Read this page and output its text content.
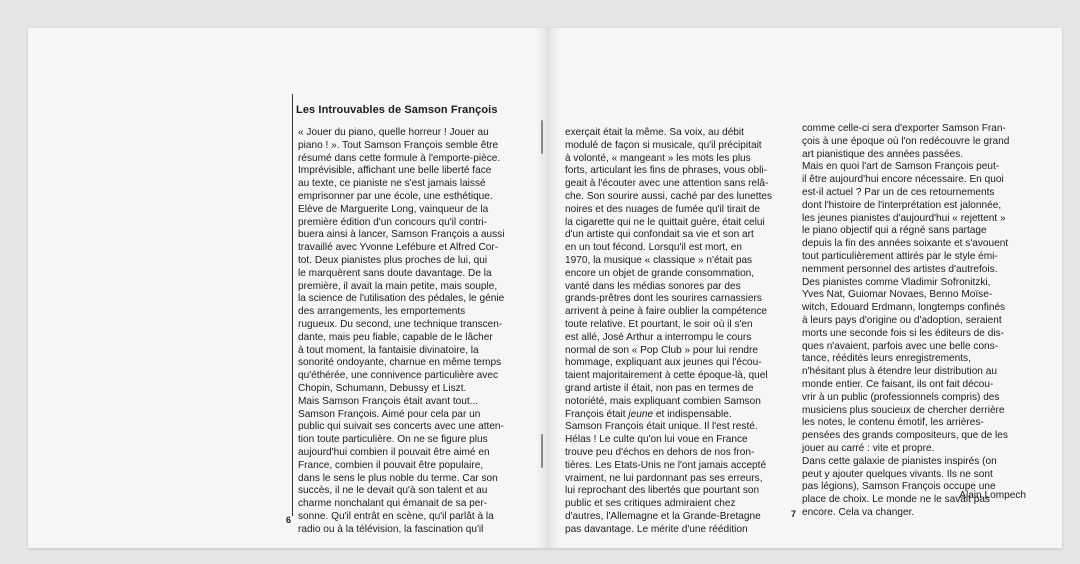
Les Introuvables de Samson François
« Jouer du piano, quelle horreur ! Jouer au
piano ! ». Tout Samson François semble être
résumé dans cette formule à l'emporte-pièce.
Imprévisible, affichant une belle liberté face
au texte, ce pianiste ne s'est jamais laissé
emprisonner par une école, une esthétique.
Elève de Marguerite Long, vainqueur de la
première édition d'un concours qu'il contri-
buera ainsi à lancer, Samson François a aussi
travaillé avec Yvonne Lefébure et Alfred Cor-
tot. Deux pianistes plus proches de lui, qui
le marquèrent sans doute davantage. De la
première, il avait la main petite, mais souple,
la science de l'utilisation des pédales, le génie
des arrangements, les emportements
rugueux. Du second, une technique transcen-
dante, mais peu fiable, capable de le lâcher
à tout moment, la fantaisie divinatoire, la
sonorité ondoyante, charnue en même temps
qu'éthérée, une connivence particulière avec
Chopin, Schumann, Debussy et Liszt.
Mais Samson François était avant tout...
Samson François. Aimé pour cela par un
public qui suivait ses concerts avec une atten-
tion toute particulière. On ne se figure plus
aujourd'hui combien il pouvait être aimé en
France, combien il pouvait être populaire,
dans le sens le plus noble du terme. Car son
succès, il ne le devait qu'à son talent et au
charme nonchalant qui émanait de sa per-
sonne. Qu'il entrât en scène, qu'il parlât à la
radio ou à la télévision, la fascination qu'il
exerçait était la même. Sa voix, au débit
modulé de façon si musicale, qu'il précipitait
à volonté, « mangeant » les mots les plus
forts, articulant les fins de phrases, vous obli-
geait à l'écouter avec une attention sans relâ-
che. Son sourire aussi, caché par des lunettes
noires et des nuages de fumée qu'il tirait de
la cigarette qui ne le quittait guère, était celui
d'un artiste qui confondait sa vie et son art
en un tout fécond. Lorsqu'il est mort, en
1970, la musique « classique » n'était pas
encore un objet de grande consommation,
vanté dans les médias sonores par des
grands-prêtres dont les sourires carnassiers
arrivent à peine à faire oublier la compétence
toute relative. Et pourtant, le soir où il s'en
est allé, José Arthur a interrompu le cours
normal de son « Pop Club » pour lui rendre
hommage, expliquant aux jeunes qui l'écou-
taient majoritairement à cette époque-là, quel
grand artiste il était, non pas en termes de
notoriété, mais expliquant combien Samson
François était jeune et indispensable.
Samson François était unique. Il l'est resté.
Hélas ! Le culte qu'on lui voue en France
trouve peu d'échos en dehors de nos fron-
tières. Les Etats-Unis ne l'ont jamais accepté
vraiment, ne lui pardonnant pas ses erreurs,
lui reprochant des libertés que pourtant son
public et ses critiques admiraient chez
d'autres, l'Allemagne et la Grande-Bretagne
pas davantage. Le mérite d'une réédition
comme celle-ci sera d'exporter Samson Fran-
çois à une époque où l'on redécouvre le grand
art pianistique des années passées.
Mais en quoi l'art de Samson François peut-
il être aujourd'hui encore nécessaire. En quoi
est-il actuel ? Par un de ces retournements
dont l'histoire de l'interprétation est jalonnée,
les jeunes pianistes d'aujourd'hui « rejettent »
le piano objectif qui a régné sans partage
depuis la fin des années soixante et s'avouent
tout particulièrement attirés par le style émi-
nemment personnel des artistes d'autrefois.
Des pianistes comme Vladimir Sofronitzki,
Yves Nat, Guiomar Novaes, Benno Moïse-
witch, Edouard Erdmann, longtemps confinés
à leurs pays d'origine ou d'adoption, seraient
morts une seconde fois si les éditeurs de dis-
ques n'avaient, parfois avec une belle cons-
tance, réédités leurs enregistrements,
n'hésitant plus à étendre leur distribution au
monde entier. Ce faisant, ils ont fait décou-
vrir à un public (professionnels compris) des
musiciens plus soucieux de chercher derrière
les notes, le contenu émotif, les arrières-
pensées des grands compositeurs, que de les
jouer au carré : vite et propre.
Dans cette galaxie de pianistes inspirés (on
peut y ajouter quelques vivants. Ils ne sont
pas légions), Samson François occupe une
place de choix. Le monde ne le savait pas
encore. Cela va changer.
Alain Lompech
6
7
